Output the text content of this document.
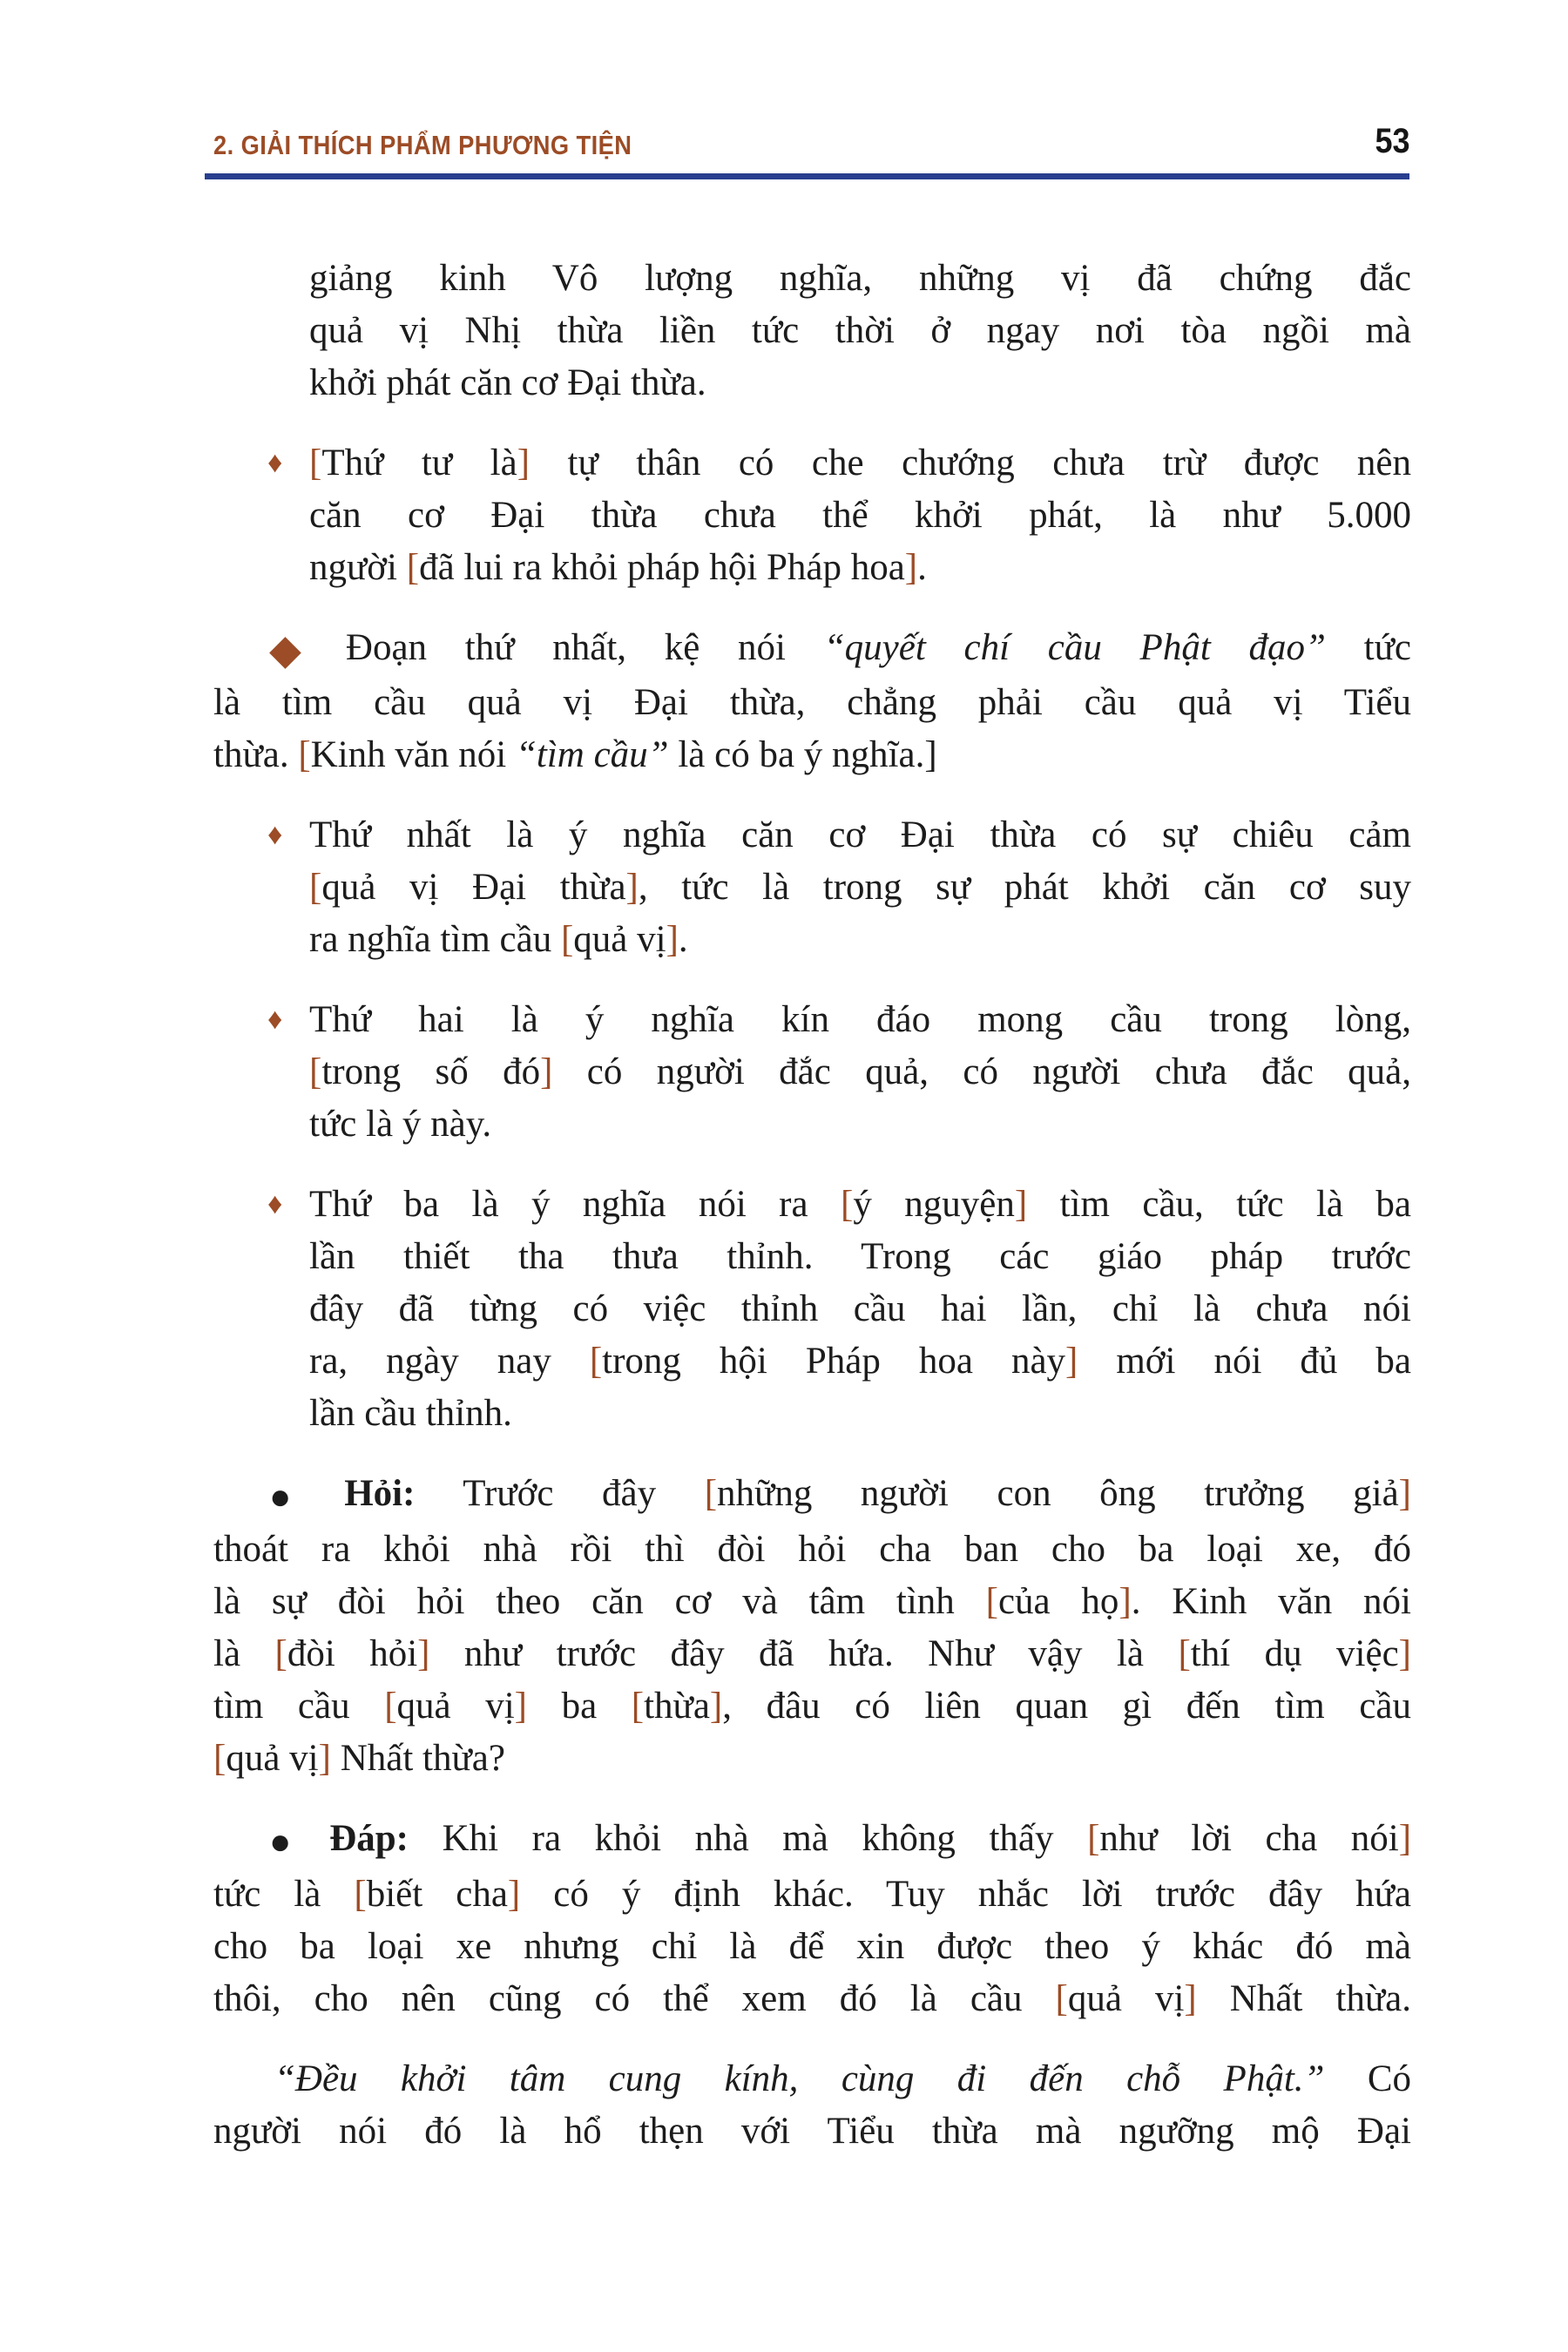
2. GIẢI THÍCH PHẨM PHƯƠNG TIỆN	53
giảng kinh Vô lượng nghĩa, những vị đã chứng đắc
quả vị Nhị thừa liền tức thời ở ngay nơi tòa ngồi mà
khởi phát căn cơ Đại thừa.
♦ [Thứ tư là] tự thân có che chướng chưa trừ được nên
căn cơ Đại thừa chưa thể khởi phát, là như 5.000
người [đã lui ra khỏi pháp hội Pháp hoa].
◆ Đoạn thứ nhất, kệ nói “quyết chí cầu Phật đạo” tức
là tìm cầu quả vị Đại thừa, chẳng phải cầu quả vị Tiểu
thừa. [Kinh văn nói “tìm cầu” là có ba ý nghĩa.]
♦ Thứ nhất là ý nghĩa căn cơ Đại thừa có sự chiêu cảm
[quả vị Đại thừa], tức là trong sự phát khởi căn cơ suy
ra nghĩa tìm cầu [quả vị].
♦ Thứ hai là ý nghĩa kín đáo mong cầu trong lòng,
[trong số đó] có người đắc quả, có người chưa đắc quả,
tức là ý này.
♦ Thứ ba là ý nghĩa nói ra [ý nguyện] tìm cầu, tức là ba
lần thiết tha thưa thỉnh. Trong các giáo pháp trước
đây đã từng có việc thỉnh cầu hai lần, chỉ là chưa nói
ra, ngày nay [trong hội Pháp hoa này] mới nói đủ ba
lần cầu thỉnh.
● Hỏi: Trước đây [những người con ông trưởng giả]
thoát ra khỏi nhà rồi thì đòi hỏi cha ban cho ba loại xe, đó
là sự đòi hỏi theo căn cơ và tâm tình [của họ]. Kinh văn nói
là [đòi hỏi] như trước đây đã hứa. Như vậy là [thí dụ việc]
tìm cầu [quả vị] ba [thừa], đâu có liên quan gì đến tìm cầu
[quả vị] Nhất thừa?
● Đáp: Khi ra khỏi nhà mà không thấy [như lời cha nói]
tức là [biết cha] có ý định khác. Tuy nhắc lời trước đây hứa
cho ba loại xe nhưng chỉ là để xin được theo ý khác đó mà
thôi, cho nên cũng có thể xem đó là cầu [quả vị] Nhất thừa.
“Đều khởi tâm cung kính, cùng đi đến chỗ Phật.” Có
người nói đó là hổ thẹn với Tiểu thừa mà ngưỡng mộ Đại
